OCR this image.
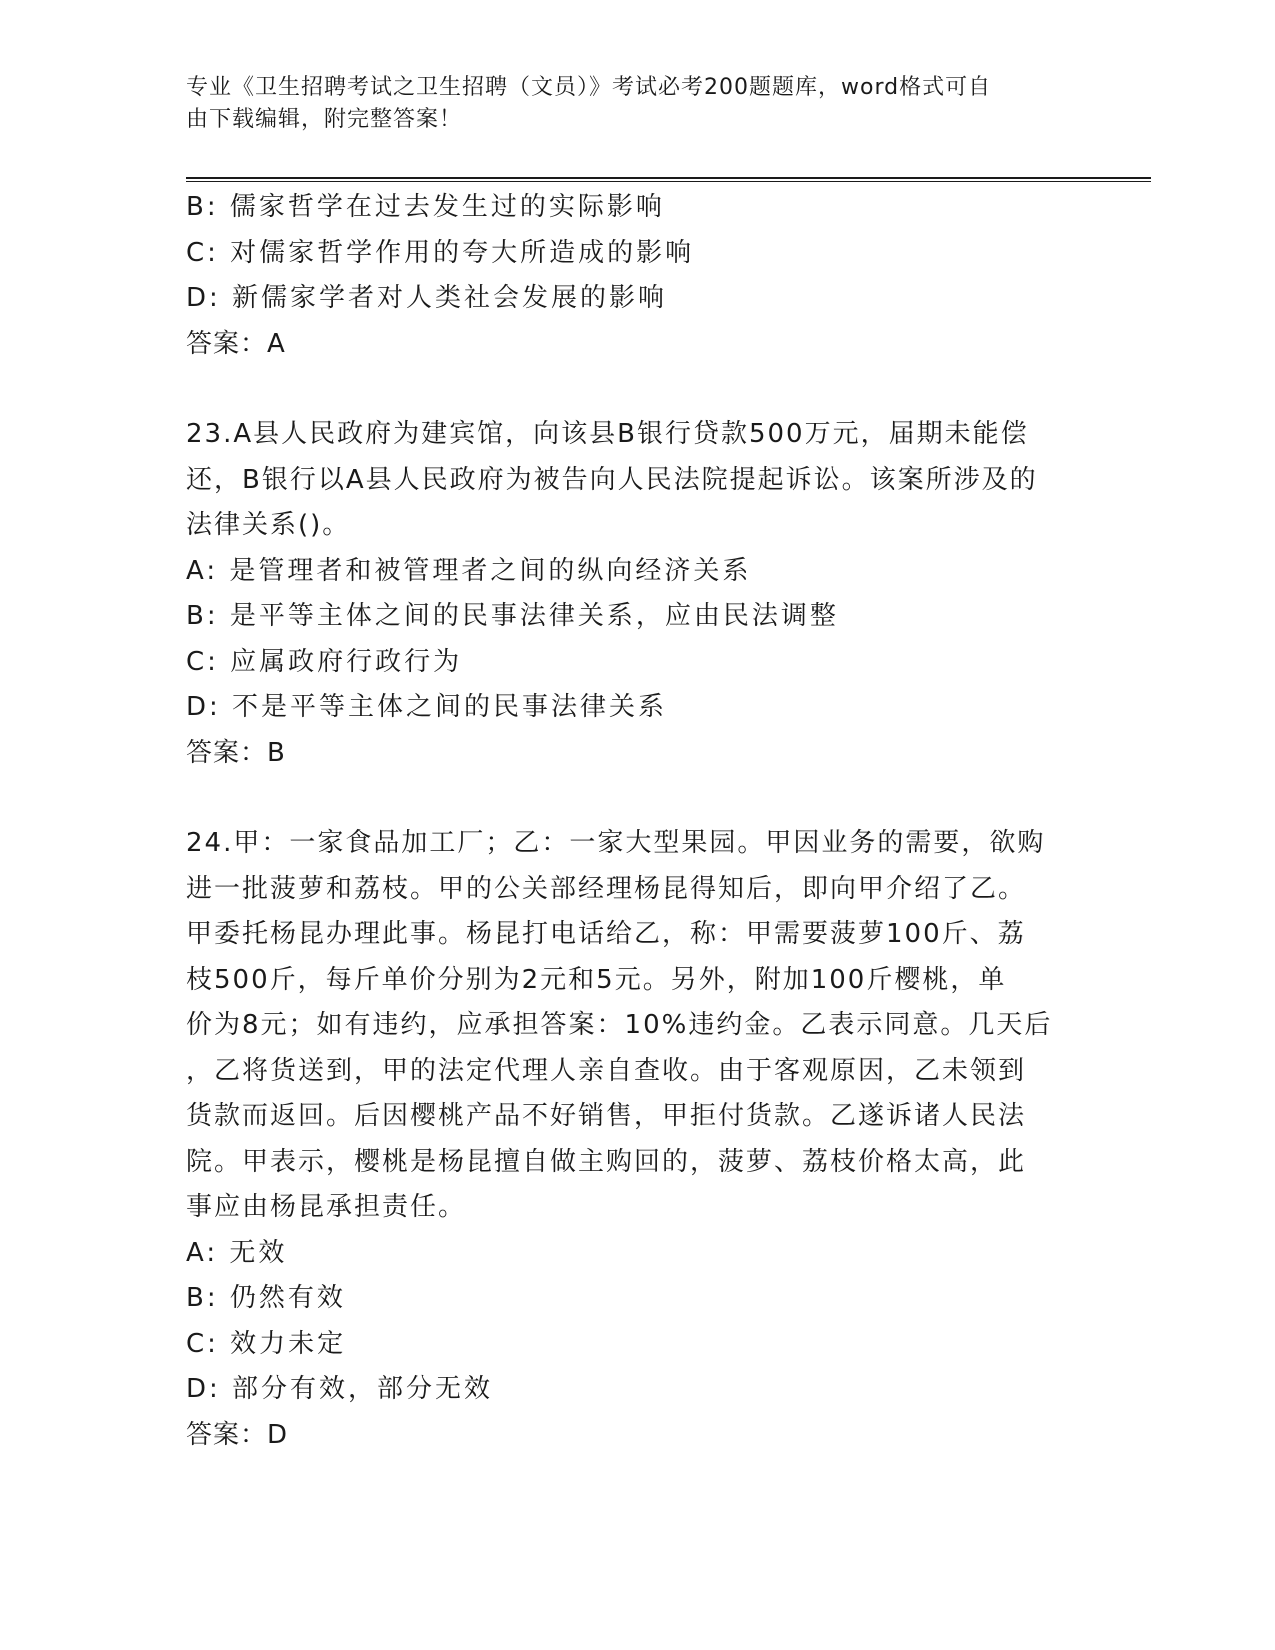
专业《卫生招聘考试之卫生招聘（文员）》考试必考200题题库，word格式可自
由下载编辑，附完整答案！
B: 儒家哲学在过去发生过的实际影响
C: 对儒家哲学作用的夸大所造成的影响
D: 新儒家学者对人类社会发展的影响
答案：A
23.A县人民政府为建宾馆，向该县B银行贷款500万元，届期未能偿
还，B银行以A县人民政府为被告向人民法院提起诉讼。该案所涉及的
法律关系()。
A: 是管理者和被管理者之间的纵向经济关系
B: 是平等主体之间的民事法律关系，应由民法调整
C: 应属政府行政行为
D: 不是平等主体之间的民事法律关系
答案：B
24.甲：一家食品加工厂；乙：一家大型果园。甲因业务的需要，欲购
进一批菠萝和荔枝。甲的公关部经理杨昆得知后，即向甲介绍了乙。
甲委托杨昆办理此事。杨昆打电话给乙，称：甲需要菠萝100斤、荔
枝500斤，每斤单价分别为2元和5元。另外，附加100斤樱桃，单
价为8元；如有违约，应承担答案：10%违约金。乙表示同意。几天后
，乙将货送到，甲的法定代理人亲自查收。由于客观原因，乙未领到
货款而返回。后因樱桃产品不好销售，甲拒付货款。乙遂诉诸人民法
院。甲表示，樱桃是杨昆擅自做主购回的，菠萝、荔枝价格太高，此
事应由杨昆承担责任。
A: 无效
B: 仍然有效
C: 效力未定
D: 部分有效，部分无效
答案：D
